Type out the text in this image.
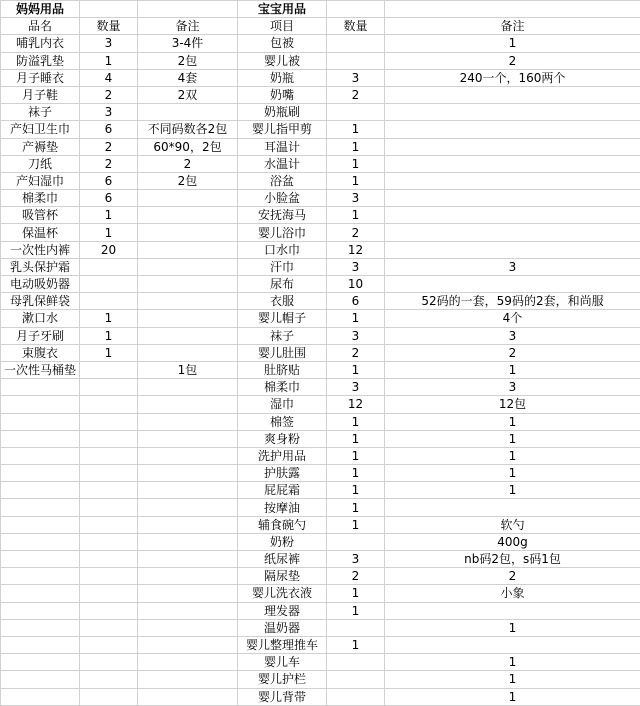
妈妈用品			宝宝用品		
品名	数量	备注	项目	数量	备注
哺乳内衣	3	3-4件	包被		1
防溢乳垫	1	2包	婴儿被		2
月子睡衣	4	4套	奶瓶	3	240一个，160两个
月子鞋	2	2双	奶嘴	2	
袜子	3		奶瓶刷		
产妇卫生巾	6	不同码数各2包	婴儿指甲剪	1	
产褥垫	2	60*90，2包	耳温计	1	
刀纸	2	2	水温计	1	
产妇湿巾	6	2包	浴盆	1	
棉柔巾	6		小脸盆	3	
吸管杯	1		安抚海马	1	
保温杯	1		婴儿浴巾	2	
一次性内裤	20		口水巾	12	
乳头保护霜			汗巾	3	3
电动吸奶器			尿布	10	
母乳保鲜袋			衣服	6	52码的一套，59码的2套，和尚服
漱口水	1		婴儿帽子	1	4个
月子牙刷	1		袜子	3	3
束腹衣	1		婴儿肚围	2	2
一次性马桶垫		1包	肚脐贴	1	1
			棉柔巾	3	3
			湿巾	12	12包
			棉签	1	1
			爽身粉	1	1
			洗护用品	1	1
			护肤露	1	1
			屁屁霜	1	1
			按摩油	1	
			辅食碗勺	1	软勺
			奶粉		400g
			纸尿裤	3	nb码2包，s码1包
			隔尿垫	2	2
			婴儿洗衣液	1	小象
			理发器	1	
			温奶器		1
			婴儿整理推车	1	
			婴儿车		1
			婴儿护栏		1
			婴儿背带		1
